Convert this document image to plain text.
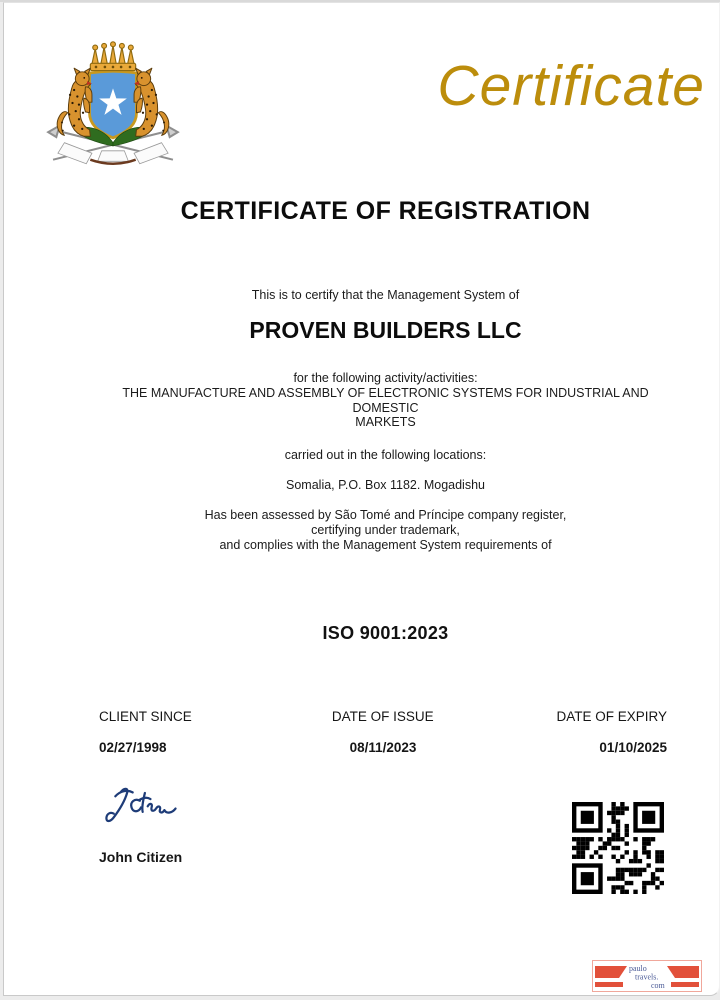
Certificate
CERTIFICATE OF REGISTRATION
This is to certify that the Management System of
PROVEN BUILDERS LLC
for the following activity/activities:
THE MANUFACTURE AND ASSEMBLY OF ELECTRONIC SYSTEMS FOR INDUSTRIAL AND
DOMESTIC
MARKETS
carried out in the following locations:
Somalia, P.O. Box 1182. Mogadishu
Has been assessed by São Tomé and Príncipe company register,
certifying under trademark,
and complies with the Management System requirements of
ISO 9001:2023
CLIENT SINCE	DATE OF ISSUE	DATE OF EXPIRY
02/27/1998	08/11/2023	01/10/2025
John Citizen
paulo
travels.
com
